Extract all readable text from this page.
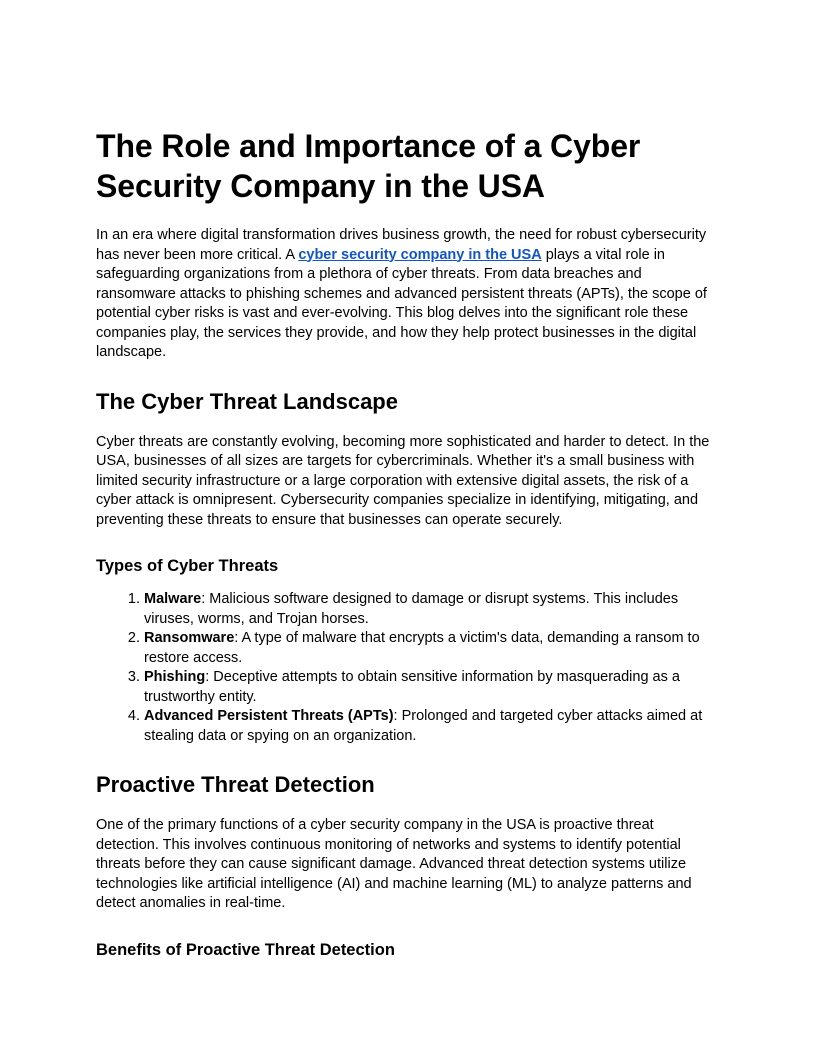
The Role and Importance of a Cyber Security Company in the USA

In an era where digital transformation drives business growth, the need for robust cybersecurity has never been more critical. A cyber security company in the USA plays a vital role in safeguarding organizations from a plethora of cyber threats. From data breaches and ransomware attacks to phishing schemes and advanced persistent threats (APTs), the scope of potential cyber risks is vast and ever-evolving. This blog delves into the significant role these companies play, the services they provide, and how they help protect businesses in the digital landscape.

The Cyber Threat Landscape

Cyber threats are constantly evolving, becoming more sophisticated and harder to detect. In the USA, businesses of all sizes are targets for cybercriminals. Whether it's a small business with limited security infrastructure or a large corporation with extensive digital assets, the risk of a cyber attack is omnipresent. Cybersecurity companies specialize in identifying, mitigating, and preventing these threats to ensure that businesses can operate securely.

Types of Cyber Threats
1. Malware: Malicious software designed to damage or disrupt systems. This includes viruses, worms, and Trojan horses.
2. Ransomware: A type of malware that encrypts a victim's data, demanding a ransom to restore access.
3. Phishing: Deceptive attempts to obtain sensitive information by masquerading as a trustworthy entity.
4. Advanced Persistent Threats (APTs): Prolonged and targeted cyber attacks aimed at stealing data or spying on an organization.
Proactive Threat Detection

One of the primary functions of a cyber security company in the USA is proactive threat detection. This involves continuous monitoring of networks and systems to identify potential threats before they can cause significant damage. Advanced threat detection systems utilize technologies like artificial intelligence (AI) and machine learning (ML) to analyze patterns and detect anomalies in real-time.

Benefits of Proactive Threat Detection
